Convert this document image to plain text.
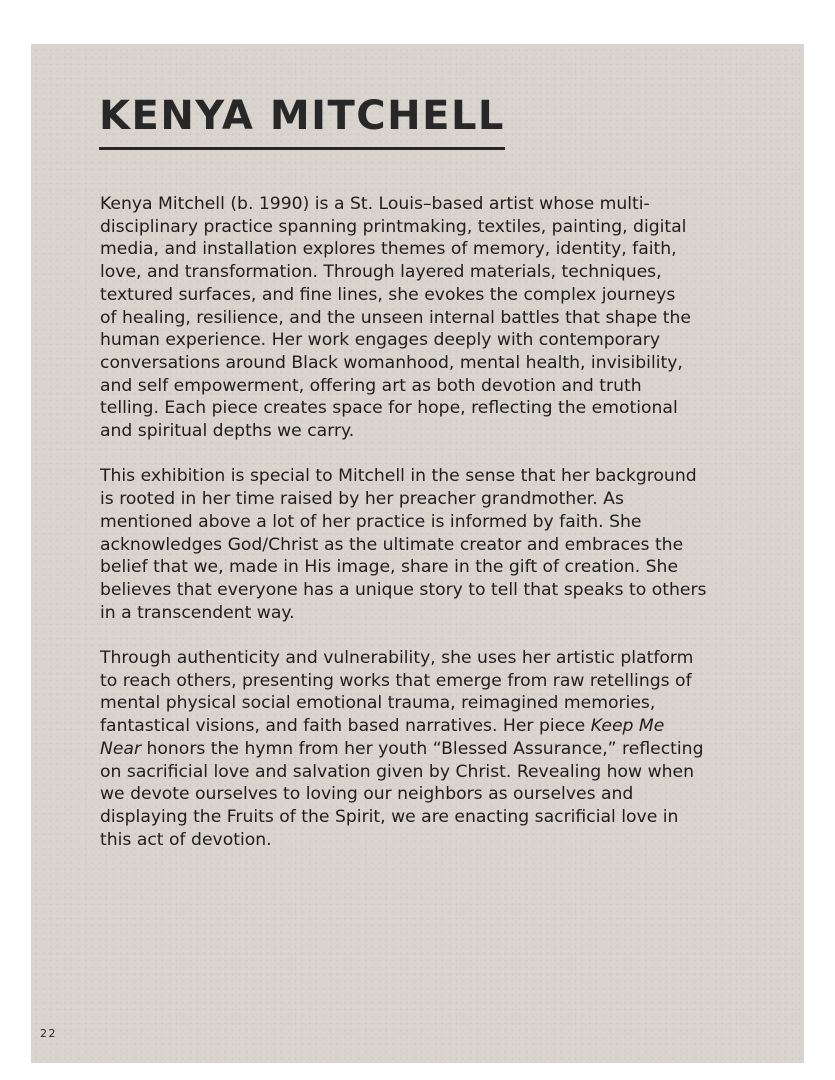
KENYA MITCHELL

Kenya Mitchell (b. 1990) is a St. Louis–based artist whose multi-
disciplinary practice spanning printmaking, textiles, painting, digital
media, and installation explores themes of memory, identity, faith,
love, and transformation. Through layered materials, techniques,
textured surfaces, and fine lines, she evokes the complex journeys
of healing, resilience, and the unseen internal battles that shape the
human experience. Her work engages deeply with contemporary
conversations around Black womanhood, mental health, invisibility,
and self empowerment, offering art as both devotion and truth
telling. Each piece creates space for hope, reflecting the emotional
and spiritual depths we carry.

This exhibition is special to Mitchell in the sense that her background
is rooted in her time raised by her preacher grandmother. As
mentioned above a lot of her practice is informed by faith. She
acknowledges God/Christ as the ultimate creator and embraces the
belief that we, made in His image, share in the gift of creation. She
believes that everyone has a unique story to tell that speaks to others
in a transcendent way.

Through authenticity and vulnerability, she uses her artistic platform
to reach others, presenting works that emerge from raw retellings of
mental physical social emotional trauma, reimagined memories,
fantastical visions, and faith based narratives. Her piece Keep Me
Near honors the hymn from her youth “Blessed Assurance,” reflecting
on sacrificial love and salvation given by Christ. Revealing how when
we devote ourselves to loving our neighbors as ourselves and
displaying the Fruits of the Spirit, we are enacting sacrificial love in
this act of devotion.

22
